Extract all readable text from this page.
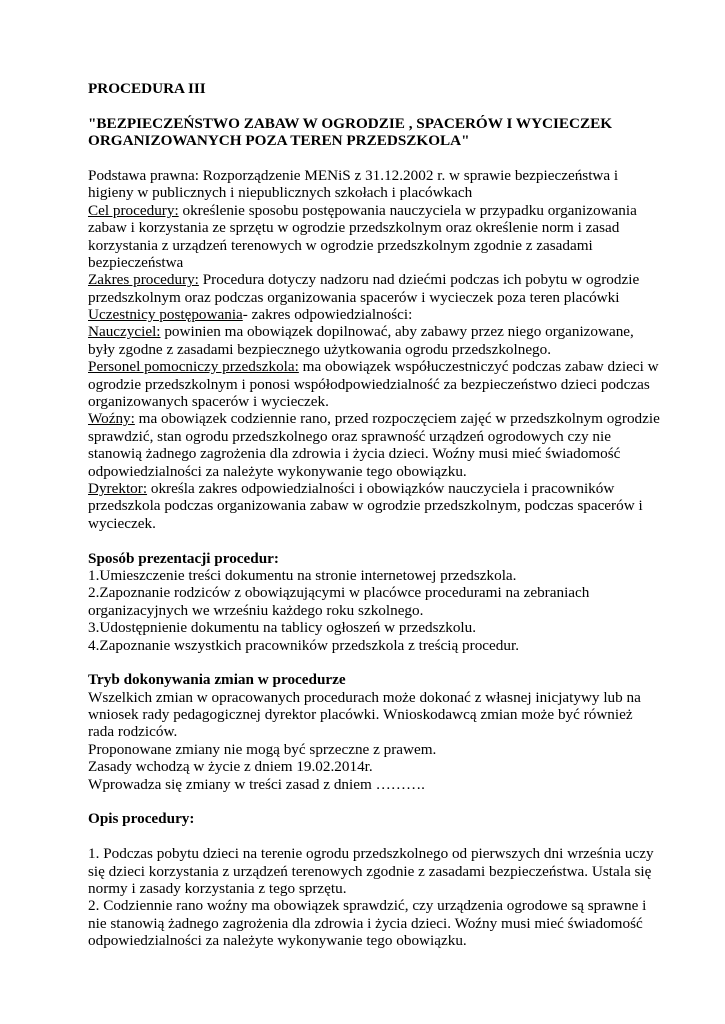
PROCEDURA III
"BEZPIECZEŃSTWO ZABAW W OGRODZIE , SPACERÓW I WYCIECZEK
ORGANIZOWANYCH POZA TEREN PRZEDSZKOLA"
Podstawa prawna: Rozporządzenie MENiS z 31.12.2002 r. w sprawie bezpieczeństwa i
higieny w publicznych i niepublicznych szkołach i placówkach
Cel procedury: określenie sposobu postępowania nauczyciela w przypadku organizowania
zabaw i korzystania ze sprzętu w ogrodzie przedszkolnym oraz określenie norm i zasad
korzystania z urządzeń terenowych w ogrodzie przedszkolnym zgodnie z zasadami
bezpieczeństwa
Zakres procedury: Procedura dotyczy nadzoru nad dziećmi podczas ich pobytu w ogrodzie
przedszkolnym oraz podczas organizowania spacerów i wycieczek poza teren placówki
Uczestnicy postępowania- zakres odpowiedzialności:
Nauczyciel: powinien ma obowiązek dopilnować, aby zabawy przez niego organizowane,
były zgodne z zasadami bezpiecznego użytkowania ogrodu przedszkolnego.
Personel pomocniczy przedszkola: ma obowiązek współuczestniczyć podczas zabaw dzieci w
ogrodzie przedszkolnym i ponosi współodpowiedzialność za bezpieczeństwo dzieci podczas
organizowanych spacerów i wycieczek.
Woźny: ma obowiązek codziennie rano, przed rozpoczęciem zajęć w przedszkolnym ogrodzie
sprawdzić, stan ogrodu przedszkolnego oraz sprawność urządzeń ogrodowych czy nie
stanowią żadnego zagrożenia dla zdrowia i życia dzieci. Woźny musi mieć świadomość
odpowiedzialności za należyte wykonywanie tego obowiązku.
Dyrektor: określa zakres odpowiedzialności i obowiązków nauczyciela i pracowników
przedszkola podczas organizowania zabaw w ogrodzie przedszkolnym, podczas spacerów i
wycieczek.
Sposób prezentacji procedur:
1.Umieszczenie treści dokumentu na stronie internetowej przedszkola.
2.Zapoznanie rodziców z obowiązującymi w placówce procedurami na zebraniach
organizacyjnych we wrześniu każdego roku szkolnego.
3.Udostępnienie dokumentu na tablicy ogłoszeń w przedszkolu.
4.Zapoznanie wszystkich pracowników przedszkola z treścią procedur.
Tryb dokonywania zmian w procedurze
Wszelkich zmian w opracowanych procedurach może dokonać z własnej inicjatywy lub na
wniosek rady pedagogicznej dyrektor placówki. Wnioskodawcą zmian może być również
rada rodziców.
Proponowane zmiany nie mogą być sprzeczne z prawem.
Zasady wchodzą w życie z dniem 19.02.2014r.
Wprowadza się zmiany w treści zasad z dniem ……….
Opis procedury:
1. Podczas pobytu dzieci na terenie ogrodu przedszkolnego od pierwszych dni września uczy
się dzieci korzystania z urządzeń terenowych zgodnie z zasadami bezpieczeństwa. Ustala się
normy i zasady korzystania z tego sprzętu.
2. Codziennie rano woźny ma obowiązek sprawdzić, czy urządzenia ogrodowe są sprawne i
nie stanowią żadnego zagrożenia dla zdrowia i życia dzieci. Woźny musi mieć świadomość
odpowiedzialności za należyte wykonywanie tego obowiązku.
